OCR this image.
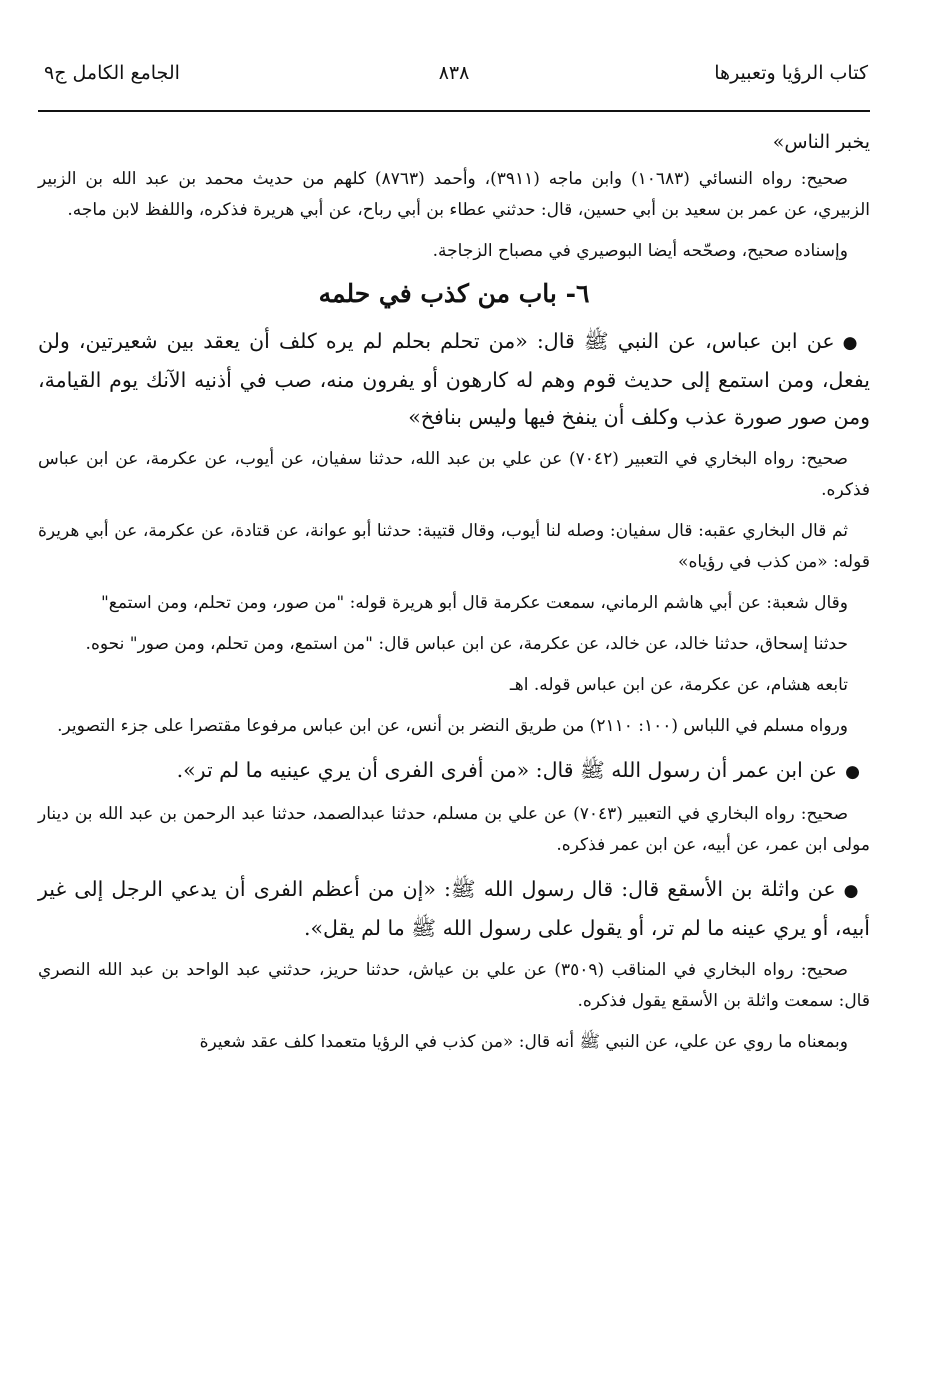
كتاب الرؤيا وتعبيرها
٨٣٨
الجامع الكامل ج٩

يخبر الناس»

صحيح: رواه النسائي (١٠٦٨٣) وابن ماجه (٣٩١١)، وأحمد (٨٧٦٣) كلهم من حديث محمد بن عبد الله بن الزبير الزبيري، عن عمر بن سعيد بن أبي حسين، قال: حدثني عطاء بن أبي رباح، عن أبي هريرة فذكره، واللفظ لابن ماجه.

وإسناده صحيح، وصحّحه أيضا البوصيري في مصباح الزجاجة.

٦- باب من كذب في حلمه

●عن ابن عباس، عن النبي ﷺ قال: «من تحلم بحلم لم يره كلف أن يعقد بين شعيرتين، ولن يفعل، ومن استمع إلى حديث قوم وهم له كارهون أو يفرون منه، صب في أذنيه الآنك يوم القيامة، ومن صور صورة عذب وكلف أن ينفخ فيها وليس بنافخ»

صحيح: رواه البخاري في التعبير (٧٠٤٢) عن علي بن عبد الله، حدثنا سفيان، عن أيوب، عن عكرمة، عن ابن عباس فذكره.

ثم قال البخاري عقبه: قال سفيان: وصله لنا أيوب، وقال قتيبة: حدثنا أبو عوانة، عن قتادة، عن عكرمة، عن أبي هريرة قوله: «من كذب في رؤياه»

وقال شعبة: عن أبي هاشم الرماني، سمعت عكرمة قال أبو هريرة قوله: "من صور، ومن تحلم، ومن استمع"

حدثنا إسحاق، حدثنا خالد، عن خالد، عن عكرمة، عن ابن عباس قال: "من استمع، ومن تحلم، ومن صور" نحوه.

تابعه هشام، عن عكرمة، عن ابن عباس قوله. اهـ

ورواه مسلم في اللباس (١٠٠: ٢١١٠) من طريق النضر بن أنس، عن ابن عباس مرفوعا مقتصرا على جزء التصوير.

●عن ابن عمر أن رسول الله ﷺ قال: «من أفرى الفرى أن يري عينيه ما لم تر».

صحيح: رواه البخاري في التعبير (٧٠٤٣) عن علي بن مسلم، حدثنا عبدالصمد، حدثنا عبد الرحمن بن عبد الله بن دينار مولى ابن عمر، عن أبيه، عن ابن عمر فذكره.

●عن واثلة بن الأسقع قال: قال رسول الله ﷺ: «إن من أعظم الفرى أن يدعي الرجل إلى غير أبيه، أو يري عينه ما لم تر، أو يقول على رسول الله ﷺ ما لم يقل».

صحيح: رواه البخاري في المناقب (٣٥٠٩) عن علي بن عياش، حدثنا حريز، حدثني عبد الواحد بن عبد الله النصري قال: سمعت واثلة بن الأسقع يقول فذكره.

وبمعناه ما روي عن علي، عن النبي ﷺ أنه قال: «من كذب في الرؤيا متعمدا كلف عقد شعيرة
